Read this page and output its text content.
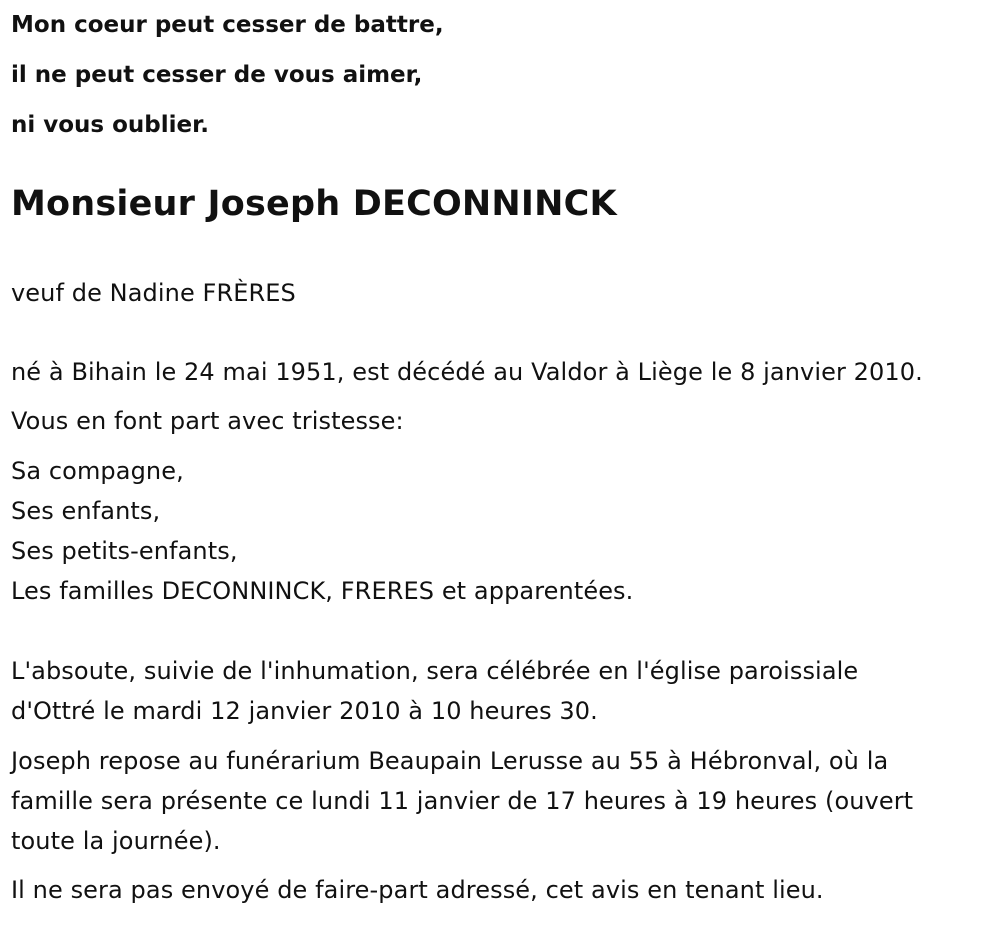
Mon coeur peut cesser de battre,
il ne peut cesser de vous aimer,
ni vous oublier.
Monsieur Joseph DECONNINCK
veuf de Nadine FRÈRES
né à Bihain le 24 mai 1951, est décédé au Valdor à Liège le 8 janvier 2010.
Vous en font part avec tristesse:
Sa compagne,
Ses enfants,
Ses petits-enfants,
Les familles DECONNINCK, FRERES et apparentées.
L'absoute, suivie de l'inhumation, sera célébrée en l'église paroissiale
d'Ottré le mardi 12 janvier 2010 à 10 heures 30.
Joseph repose au funérarium Beaupain Lerusse au 55 à Hébronval, où la
famille sera présente ce lundi 11 janvier de 17 heures à 19 heures (ouvert
toute la journée).
Il ne sera pas envoyé de faire-part adressé, cet avis en tenant lieu.
